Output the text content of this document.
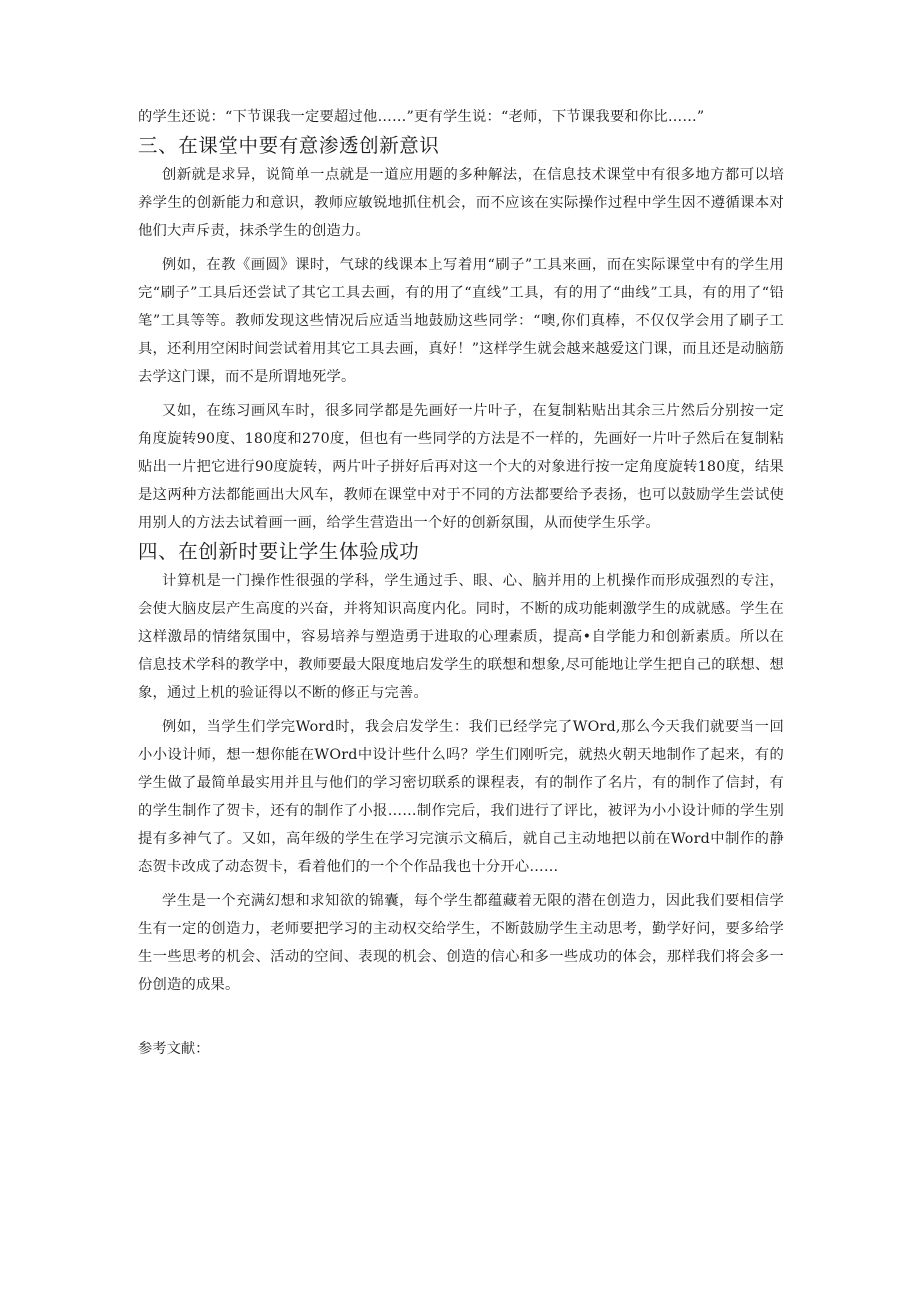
的学生还说：“下节课我一定要超过他……”更有学生说：“老师，下节课我要和你比……”

三、在课堂中要有意渗透创新意识

创新就是求异，说简单一点就是一道应用题的多种解法，在信息技术课堂中有很多地方都可以培养学生的创新能力和意识，教师应敏锐地抓住机会，而不应该在实际操作过程中学生因不遵循课本对他们大声斥责，抹杀学生的创造力。

例如，在教《画圆》课时，气球的线课本上写着用“刷子”工具来画，而在实际课堂中有的学生用完“刷子”工具后还尝试了其它工具去画，有的用了“直线”工具，有的用了“曲线”工具，有的用了“铅笔”工具等等。教师发现这些情况后应适当地鼓励这些同学：“噢,你们真棒，不仅仅学会用了刷子工具，还利用空闲时间尝试着用其它工具去画，真好！”这样学生就会越来越爱这门课，而且还是动脑筋去学这门课，而不是所谓地死学。

又如，在练习画风车时，很多同学都是先画好一片叶子，在复制粘贴出其余三片然后分别按一定角度旋转90度、180度和270度，但也有一些同学的方法是不一样的，先画好一片叶子然后在复制粘贴出一片把它进行90度旋转，两片叶子拼好后再对这一个大的对象进行按一定角度旋转180度，结果是这两种方法都能画出大风车，教师在课堂中对于不同的方法都要给予表扬，也可以鼓励学生尝试使用别人的方法去试着画一画，给学生营造出一个好的创新氛围，从而使学生乐学。

四、在创新时要让学生体验成功

计算机是一门操作性很强的学科，学生通过手、眼、心、脑并用的上机操作而形成强烈的专注，会使大脑皮层产生高度的兴奋，并将知识高度内化。同时，不断的成功能刺激学生的成就感。学生在这样激昂的情绪氛围中，容易培养与塑造勇于进取的心理素质，提高•自学能力和创新素质。所以在信息技术学科的教学中，教师要最大限度地启发学生的联想和想象,尽可能地让学生把自己的联想、想象，通过上机的验证得以不断的修正与完善。

例如，当学生们学完Word时，我会启发学生：我们已经学完了WOrd,那么今天我们就要当一回小小设计师，想一想你能在WOrd中设计些什么吗？学生们刚听完，就热火朝天地制作了起来，有的学生做了最简单最实用并且与他们的学习密切联系的课程表，有的制作了名片，有的制作了信封，有的学生制作了贺卡，还有的制作了小报……制作完后，我们进行了评比，被评为小小设计师的学生别提有多神气了。又如，高年级的学生在学习完演示文稿后，就自己主动地把以前在Word中制作的静态贺卡改成了动态贺卡，看着他们的一个个作品我也十分开心……

学生是一个充满幻想和求知欲的锦囊，每个学生都蕴藏着无限的潜在创造力，因此我们要相信学生有一定的创造力，老师要把学习的主动权交给学生，不断鼓励学生主动思考，勤学好问，要多给学生一些思考的机会、活动的空间、表现的机会、创造的信心和多一些成功的体会，那样我们将会多一份创造的成果。

参考文献：
